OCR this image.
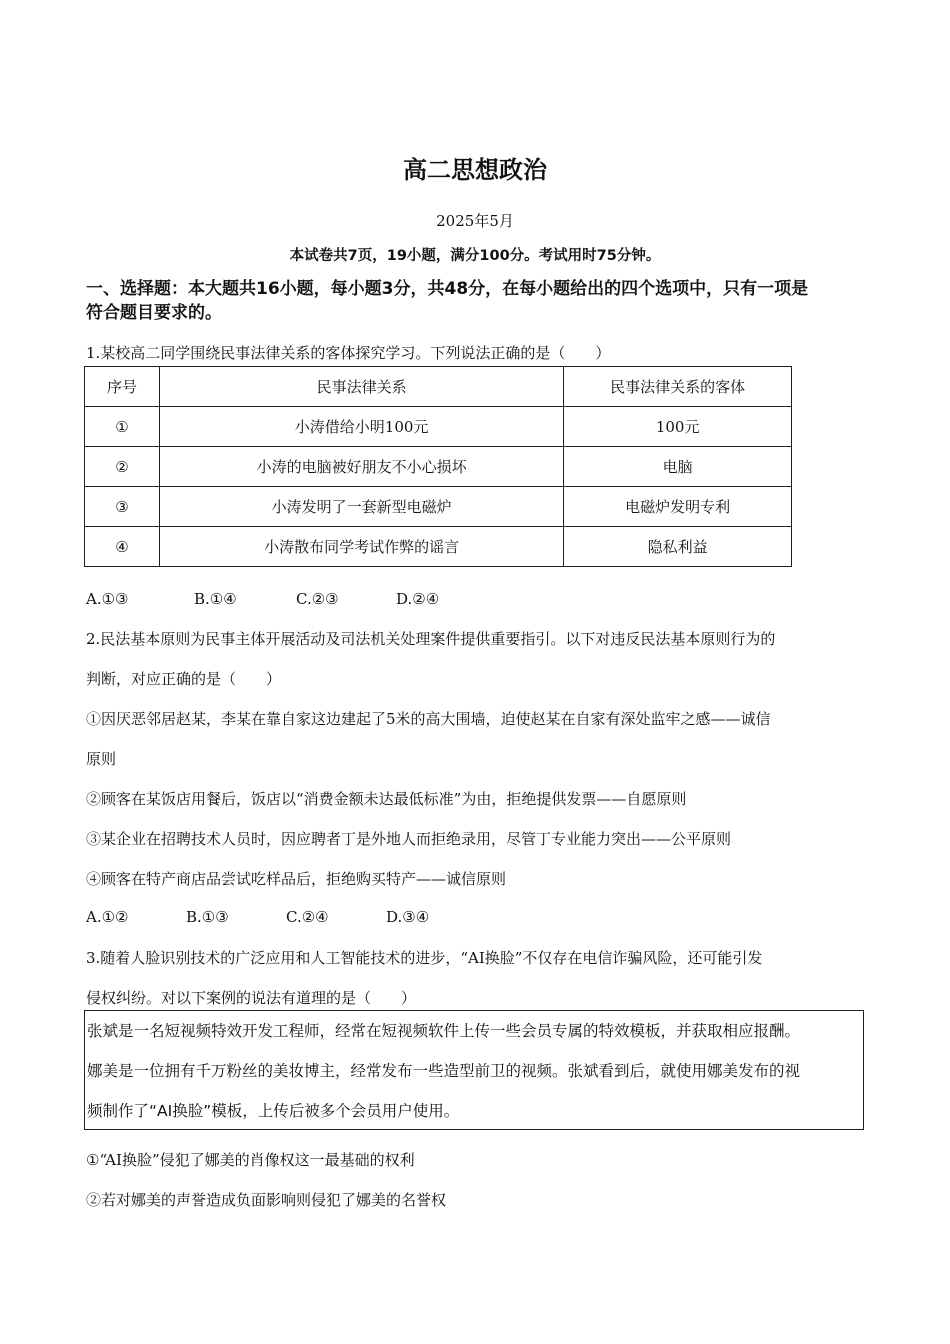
高二思想政治
2025年5月
本试卷共7页，19小题，满分100分。考试用时75分钟。
一、选择题：本大题共16小题，每小题3分，共48分，在每小题给出的四个选项中，只有一项是
符合题目要求的。
1.某校高二同学围绕民事法律关系的客体探究学习。下列说法正确的是（　　）
序号	民事法律关系	民事法律关系的客体
①	小涛借给小明100元	100元
②	小涛的电脑被好朋友不小心损坏	电脑
③	小涛发明了一套新型电磁炉	电磁炉发明专利
④	小涛散布同学考试作弊的谣言	隐私利益
A.①③	B.①④	C.②③	D.②④
2.民法基本原则为民事主体开展活动及司法机关处理案件提供重要指引。以下对违反民法基本原则行为的
判断，对应正确的是（　　）
①因厌恶邻居赵某，李某在靠自家这边建起了5米的高大围墙，迫使赵某在自家有深处监牢之感——诚信
原则
②顾客在某饭店用餐后，饭店以“消费金额未达最低标准”为由，拒绝提供发票——自愿原则
③某企业在招聘技术人员时，因应聘者丁是外地人而拒绝录用，尽管丁专业能力突出——公平原则
④顾客在特产商店品尝试吃样品后，拒绝购买特产——诚信原则
A.①②	B.①③	C.②④	D.③④
3.随着人脸识别技术的广泛应用和人工智能技术的进步，“AI换脸”不仅存在电信诈骗风险，还可能引发
侵权纠纷。对以下案例的说法有道理的是（　　）
张斌是一名短视频特效开发工程师，经常在短视频软件上传一些会员专属的特效模板，并获取相应报酬。
娜美是一位拥有千万粉丝的美妆博主，经常发布一些造型前卫的视频。张斌看到后，就使用娜美发布的视
频制作了“AI换脸”模板，上传后被多个会员用户使用。
①“AI换脸”侵犯了娜美的肖像权这一最基础的权利
②若对娜美的声誉造成负面影响则侵犯了娜美的名誉权
